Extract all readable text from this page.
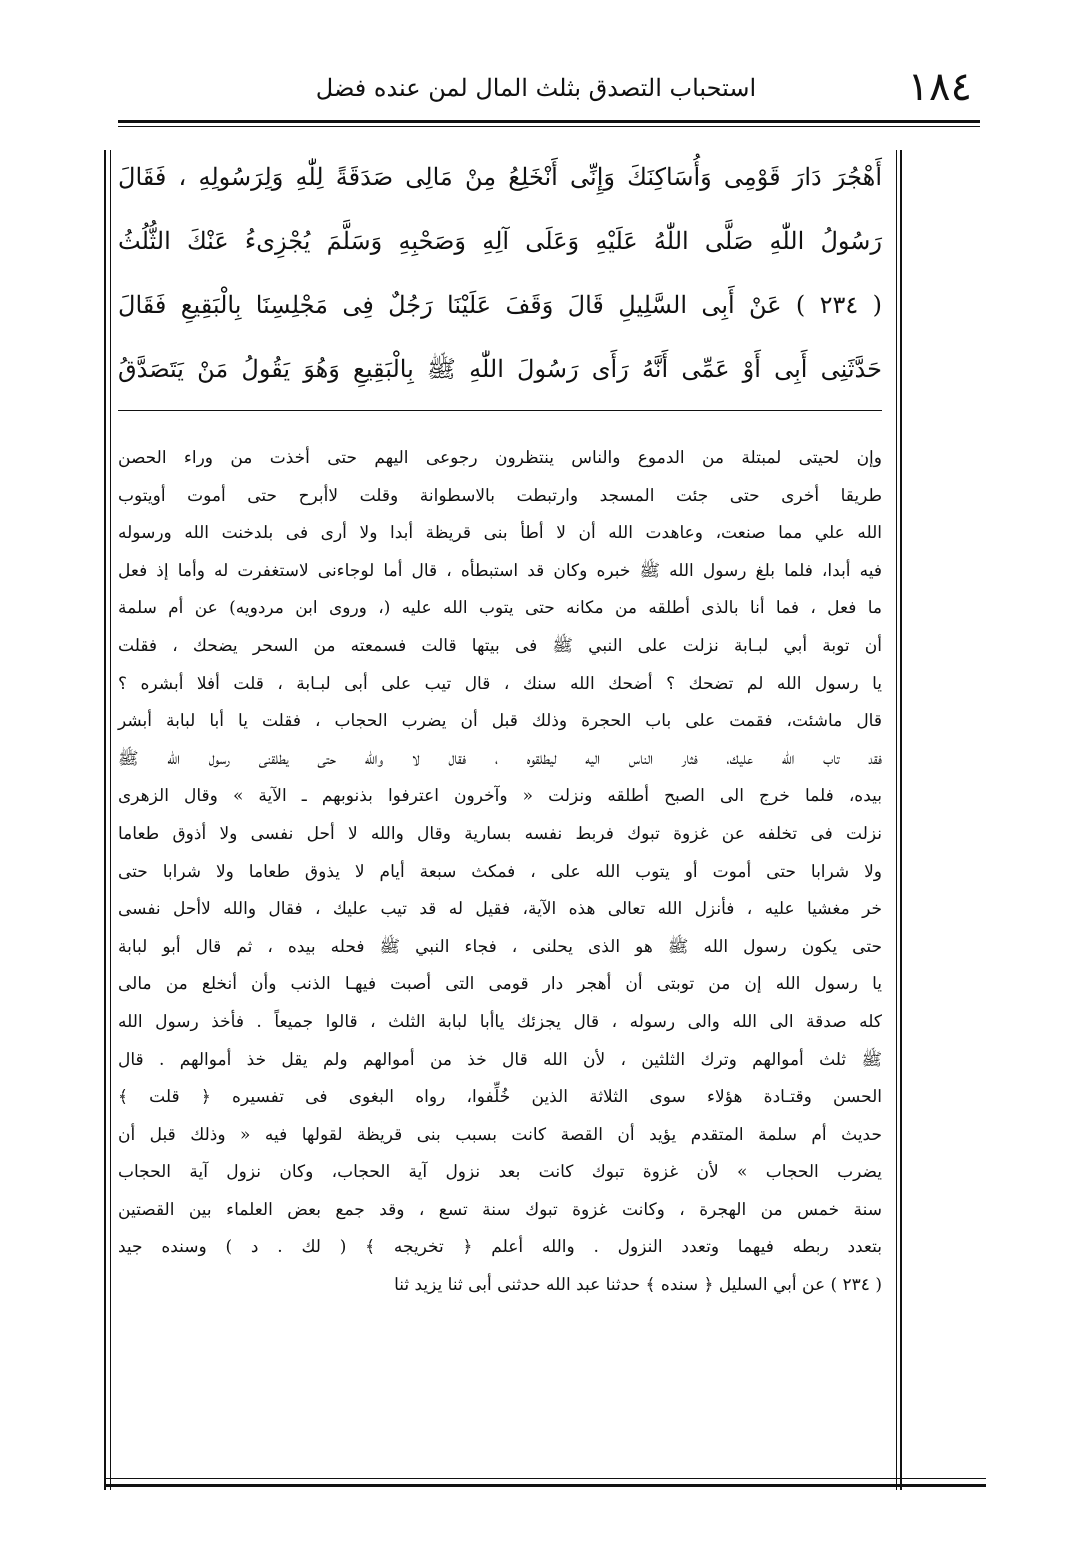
١٨٤
استحباب التصدق بثلث المال لمن عنده فضل
أَهْجُرَ دَارَ قَوْمِى وَأُسَاكِنَكَ وَإِنِّى أَنْخَلِعُ مِنْ مَالِى صَدَقَةً لِلّٰهِ وَلِرَسُولِهِ ، فَقَالَ
رَسُولُ اللّٰهِ صَلَّى اللّٰهُ عَلَيْهِ وَعَلَى آلِهِ وَصَحْبِهِ وَسَلَّمَ يُجْزِىءُ عَنْكَ الثُّلُثُ
( ٢٣٤ ) عَنْ أَبِى السَّلِيلِ قَالَ وَقَفَ عَلَيْنَا رَجُلٌ فِى مَجْلِسِنَا بِالْبَقِيعِ فَقَالَ
حَدَّثَنِى أَبِى أَوْ عَمِّى أَنَّهُ رَأَى رَسُولَ اللّٰهِ ﷺ بِالْبَقِيعِ وَهُوَ يَقُولُ مَنْ يَتَصَدَّقُ
وإن لحيتى لمبتلة من الدموع والناس ينتظرون رجوعى اليهم حتى أخذت من وراء الحصن
طريقا أخرى حتى جئت المسجد وارتبطت بالاسطوانة وقلت لاأبرح حتى أموت أويتوب
الله علي مما صنعت، وعاهدت الله أن لا أطأ بنى قريظة أبدا ولا أرى فى بلدخنت الله ورسوله
فيه أبدا، فلما بلغ رسول الله ﷺ خبره وكان قد استبطأه ، قال أما لوجاءنى لاستغفرت له وأما إذ فعل
ما فعل ، فما أنا بالذى أطلقه من مكانه حتى يتوب الله عليه (، وروى ابن مردويه) عن أم سلمة
أن توبة أبي لبـابة نزلت على النبي ﷺ فى بيتها قالت فسمعته من السحر يضحك ، فقلت
يا رسول الله لم تضحك ؟ أضحك الله سنك ، قال تيب على أبى لبـابة ، قلت أفلا أبشره ؟
قال ماشئت، فقمت على باب الحجرة وذلك قبل أن يضرب الحجاب ، فقلت يا أبا لبابة أبشر
فقد تاب الله عليك، فثار الناس اليه ليطلقوه ، فقال لا والله حتى يطلقنى رسول الله ﷺ
بيده، فلما خرج الى الصبح أطلقه ونزلت « وآخرون اعترفوا بذنوبهم ـ الآية » وقال الزهرى
نزلت فى تخلفه عن غزوة تبوك فربط نفسه بسارية وقال والله لا أحل نفسى ولا أذوق طعاما
ولا شرابا حتى أموت أو يتوب الله على ، فمكث سبعة أيام لا يذوق طعاما ولا شرابا حتى
خر مغشيا عليه ، فأنزل الله تعالى هذه الآية، فقيل له قد تيب عليك ، فقال والله لاأحل نفسى
حتى يكون رسول الله ﷺ هو الذى يحلنى ، فجاء النبي ﷺ فحله بيده ، ثم قال أبو لبابة
يا رسول الله إن من توبتى أن أهجر دار قومى التى أصبت فيهـا الذنب وأن أنخلع من مالى
كله صدقة الى الله والى رسوله ، قال يجزئك ياأبا لبابة الثلث ، قالوا جميعاً . فأخذ رسول الله
ﷺ ثلث أموالهم وترك الثلثين ، لأن الله قال خذ من أموالهم ولم يقل خذ أموالهم . قال
الحسن وقتـادة هؤلاء سوى الثلاثة الذين خُلِّفوا، رواه البغوى فى تفسيره ﴿ قلت ﴾
حديث أم سلمة المتقدم يؤيد أن القصة كانت بسبب بنى قريظة لقولها فيه « وذلك قبل أن
يضرب الحجاب » لأن غزوة تبوك كانت بعد نزول آية الحجاب، وكان نزول آية الحجاب
سنة خمس من الهجرة ، وكانت غزوة تبوك سنة تسع ، وقد جمع بعض العلماء بين القصتين
بتعدد ربطه فيهما وتعدد النزول . والله أعلم ﴿ تخريجه ﴾ ( لك . د ) وسنده جيد
( ٢٣٤ ) عن أبي السليل ﴿ سنده ﴾ حدثنا عبد الله حدثنى أبى ثنا يزيد ثنا
